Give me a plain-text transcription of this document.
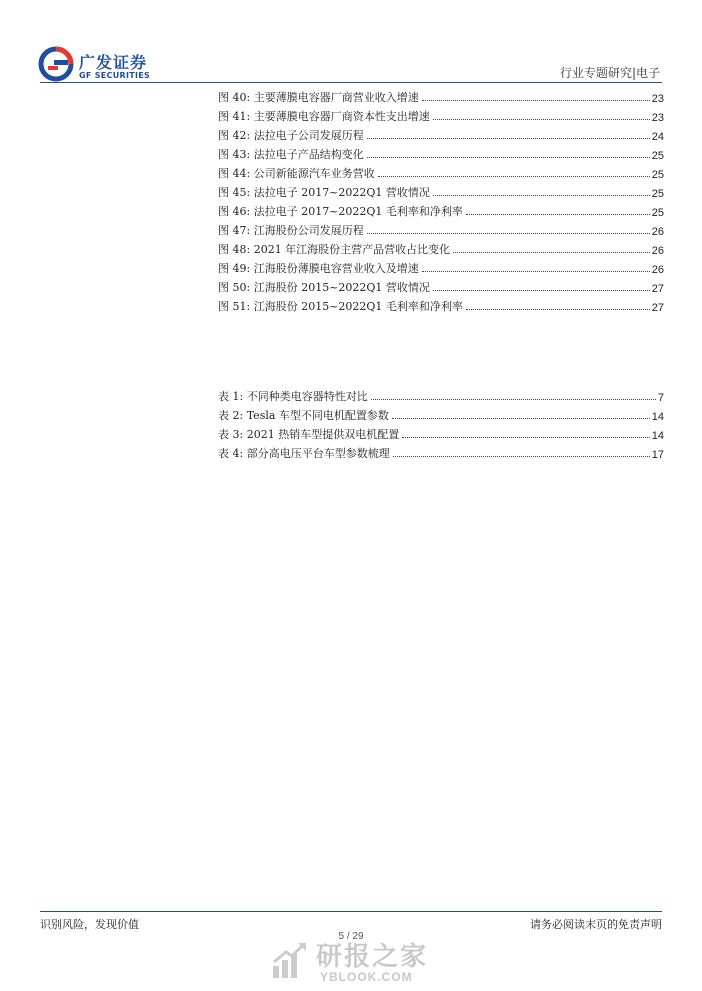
广发证券
GF SECURITIES	行业专题研究|电子
图 40: 主要薄膜电容器厂商营业收入增速	23
图 41: 主要薄膜电容器厂商资本性支出增速	23
图 42: 法拉电子公司发展历程	24
图 43: 法拉电子产品结构变化	25
图 44: 公司新能源汽车业务营收	25
图 45: 法拉电子 2017~2022Q1 营收情况	25
图 46: 法拉电子 2017~2022Q1 毛利率和净利率	25
图 47: 江海股份公司发展历程	26
图 48: 2021 年江海股份主营产品营收占比变化	26
图 49: 江海股份薄膜电容营业收入及增速	26
图 50: 江海股份 2015~2022Q1 营收情况	27
图 51: 江海股份 2015~2022Q1 毛利率和净利率	27
表 1: 不同种类电容器特性对比	7
表 2: Tesla 车型不同电机配置参数	14
表 3: 2021 热销车型提供双电机配置	14
表 4: 部分高电压平台车型参数梳理	17
识别风险，发现价值	请务必阅读末页的免责声明
5 / 29
研报之家
YBLOOK.COM
